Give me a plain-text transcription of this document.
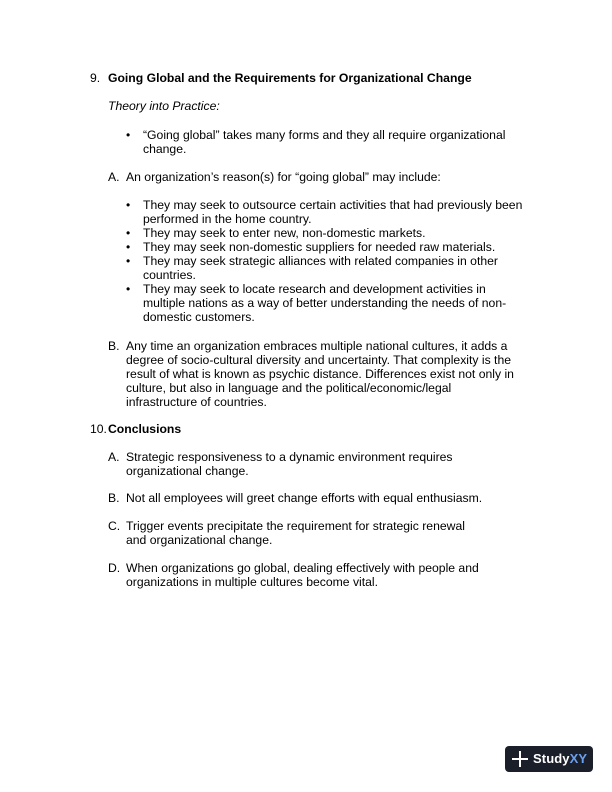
9. Going Global and the Requirements for Organizational Change
Theory into Practice:
• “Going global” takes many forms and they all require organizational change.
A. An organization’s reason(s) for “going global” may include:
• They may seek to outsource certain activities that had previously been performed in the home country.
• They may seek to enter new, non-domestic markets.
• They may seek non-domestic suppliers for needed raw materials.
• They may seek strategic alliances with related companies in other countries.
• They may seek to locate research and development activities in multiple nations as a way of better understanding the needs of non-domestic customers.
B. Any time an organization embraces multiple national cultures, it adds a degree of socio-cultural diversity and uncertainty. That complexity is the result of what is known as psychic distance. Differences exist not only in culture, but also in language and the political/economic/legal infrastructure of countries.
10. Conclusions
A. Strategic responsiveness to a dynamic environment requires organizational change.
B. Not all employees will greet change efforts with equal enthusiasm.
C. Trigger events precipitate the requirement for strategic renewal and organizational change.
D. When organizations go global, dealing effectively with people and organizations in multiple cultures become vital.
StudyXY
